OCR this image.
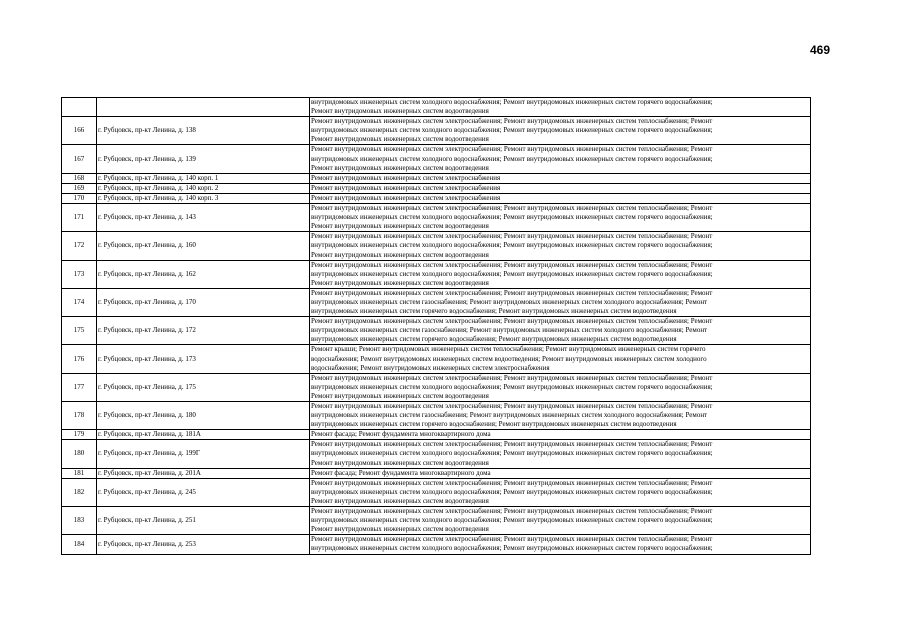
469

		внутридомовых инженерных систем холодного водоснабжения; Ремонт внутридомовых инженерных систем горячего водоснабжения;
Ремонт внутридомовых инженерных систем водоотведения

166	г. Рубцовск, пр-кт Ленина, д. 138	Ремонт внутридомовых инженерных систем электроснабжения; Ремонт внутридомовых инженерных систем теплоснабжения; Ремонт
внутридомовых инженерных систем холодного водоснабжения; Ремонт внутридомовых инженерных систем горячего водоснабжения;
Ремонт внутридомовых инженерных систем водоотведения

167	г. Рубцовск, пр-кт Ленина, д. 139	Ремонт внутридомовых инженерных систем электроснабжения; Ремонт внутридомовых инженерных систем теплоснабжения; Ремонт
внутридомовых инженерных систем холодного водоснабжения; Ремонт внутридомовых инженерных систем горячего водоснабжения;
Ремонт внутридомовых инженерных систем водоотведения

168	г. Рубцовск, пр-кт Ленина, д. 140 корп. 1	Ремонт внутридомовых инженерных систем электроснабжения

169	г. Рубцовск, пр-кт Ленина, д. 140 корп. 2	Ремонт внутридомовых инженерных систем электроснабжения

170	г. Рубцовск, пр-кт Ленина, д. 140 корп. 3	Ремонт внутридомовых инженерных систем электроснабжения

171	г. Рубцовск, пр-кт Ленина, д. 143	Ремонт внутридомовых инженерных систем электроснабжения; Ремонт внутридомовых инженерных систем теплоснабжения; Ремонт
внутридомовых инженерных систем холодного водоснабжения; Ремонт внутридомовых инженерных систем горячего водоснабжения;
Ремонт внутридомовых инженерных систем водоотведения

172	г. Рубцовск, пр-кт Ленина, д. 160	Ремонт внутридомовых инженерных систем электроснабжения; Ремонт внутридомовых инженерных систем теплоснабжения; Ремонт
внутридомовых инженерных систем холодного водоснабжения; Ремонт внутридомовых инженерных систем горячего водоснабжения;
Ремонт внутридомовых инженерных систем водоотведения

173	г. Рубцовск, пр-кт Ленина, д. 162	Ремонт внутридомовых инженерных систем электроснабжения; Ремонт внутридомовых инженерных систем теплоснабжения; Ремонт
внутридомовых инженерных систем холодного водоснабжения; Ремонт внутридомовых инженерных систем горячего водоснабжения;
Ремонт внутридомовых инженерных систем водоотведения

174	г. Рубцовск, пр-кт Ленина, д. 170	Ремонт внутридомовых инженерных систем электроснабжения; Ремонт внутридомовых инженерных систем теплоснабжения; Ремонт
внутридомовых инженерных систем газоснабжения; Ремонт внутридомовых инженерных систем холодного водоснабжения; Ремонт
внутридомовых инженерных систем горячего водоснабжения; Ремонт внутридомовых инженерных систем водоотведения

175	г. Рубцовск, пр-кт Ленина, д. 172	Ремонт внутридомовых инженерных систем электроснабжения; Ремонт внутридомовых инженерных систем теплоснабжения; Ремонт
внутридомовых инженерных систем газоснабжения; Ремонт внутридомовых инженерных систем холодного водоснабжения; Ремонт
внутридомовых инженерных систем горячего водоснабжения; Ремонт внутридомовых инженерных систем водоотведения

176	г. Рубцовск, пр-кт Ленина, д. 173	Ремонт крыши; Ремонт внутридомовых инженерных систем теплоснабжения; Ремонт внутридомовых инженерных систем горячего
водоснабжения; Ремонт внутридомовых инженерных систем водоотведения; Ремонт внутридомовых инженерных систем холодного
водоснабжения; Ремонт внутридомовых инженерных систем электроснабжения

177	г. Рубцовск, пр-кт Ленина, д. 175	Ремонт внутридомовых инженерных систем электроснабжения; Ремонт внутридомовых инженерных систем теплоснабжения; Ремонт
внутридомовых инженерных систем холодного водоснабжения; Ремонт внутридомовых инженерных систем горячего водоснабжения;
Ремонт внутридомовых инженерных систем водоотведения

178	г. Рубцовск, пр-кт Ленина, д. 180	Ремонт внутридомовых инженерных систем электроснабжения; Ремонт внутридомовых инженерных систем теплоснабжения; Ремонт
внутридомовых инженерных систем газоснабжения; Ремонт внутридомовых инженерных систем холодного водоснабжения; Ремонт
внутридомовых инженерных систем горячего водоснабжения; Ремонт внутридомовых инженерных систем водоотведения

179	г. Рубцовск, пр-кт Ленина, д. 181А	Ремонт фасада; Ремонт фундамента многоквартирного дома

180	г. Рубцовск, пр-кт Ленина, д. 199Г	Ремонт внутридомовых инженерных систем электроснабжения; Ремонт внутридомовых инженерных систем теплоснабжения; Ремонт
внутридомовых инженерных систем холодного водоснабжения; Ремонт внутридомовых инженерных систем горячего водоснабжения;
Ремонт внутридомовых инженерных систем водоотведения

181	г. Рубцовск, пр-кт Ленина, д. 201А	Ремонт фасада; Ремонт фундамента многоквартирного дома

182	г. Рубцовск, пр-кт Ленина, д. 245	Ремонт внутридомовых инженерных систем электроснабжения; Ремонт внутридомовых инженерных систем теплоснабжения; Ремонт
внутридомовых инженерных систем холодного водоснабжения; Ремонт внутридомовых инженерных систем горячего водоснабжения;
Ремонт внутридомовых инженерных систем водоотведения

183	г. Рубцовск, пр-кт Ленина, д. 251	Ремонт внутридомовых инженерных систем электроснабжения; Ремонт внутридомовых инженерных систем теплоснабжения; Ремонт
внутридомовых инженерных систем холодного водоснабжения; Ремонт внутридомовых инженерных систем горячего водоснабжения;
Ремонт внутридомовых инженерных систем водоотведения

184	г. Рубцовск, пр-кт Ленина, д. 253	Ремонт внутридомовых инженерных систем электроснабжения; Ремонт внутридомовых инженерных систем теплоснабжения; Ремонт
внутридомовых инженерных систем холодного водоснабжения; Ремонт внутридомовых инженерных систем горячего водоснабжения;
